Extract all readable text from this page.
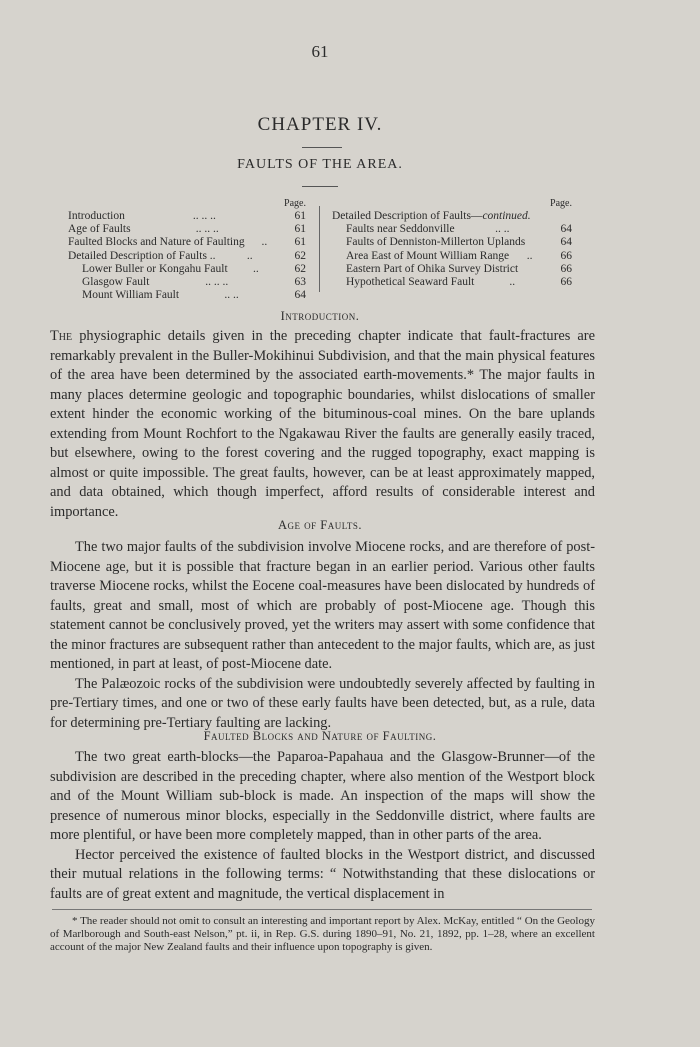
61
CHAPTER IV.
FAULTS OF THE AREA.
Page.
Introduction	.. .. ..	61
Age of Faults	.. .. ..	61
Faulted Blocks and Nature of Faulting ..	61
Detailed Description of Faults ..	..	62
Lower Buller or Kongahu Fault ..	62
Glasgow Fault	.. .. ..	63
Mount William Fault	.. ..	64
Page.
Detailed Description of Faults—continued.
Faults near Seddonville	.. ..	64
Faults of Denniston-Millerton Uplands	64
Area East of Mount William Range ..	66
Eastern Part of Ohika Survey District	66
Hypothetical Seaward Fault	..	66
Introduction.

The physiographic details given in the preceding chapter indicate that fault-fractures are remarkably prevalent in the Buller-Mokihinui Subdivision, and that the main physical features of the area have been determined by the associated earth-movements.* The major faults in many places determine geologic and topographic boundaries, whilst dislocations of smaller extent hinder the economic working of the bituminous-coal mines. On the bare uplands extending from Mount Rochfort to the Ngakawau River the faults are generally easily traced, but elsewhere, owing to the forest covering and the rugged topography, exact mapping is almost or quite impossible. The great faults, however, can be at least approximately mapped, and data obtained, which though imperfect, afford results of considerable interest and importance.

Age of Faults.

The two major faults of the subdivision involve Miocene rocks, and are therefore of post-Miocene age, but it is possible that fracture began in an earlier period. Various other faults traverse Miocene rocks, whilst the Eocene coal-measures have been dislocated by hundreds of faults, great and small, most of which are probably of post-Miocene age. Though this statement cannot be conclusively proved, yet the writers may assert with some confidence that the minor fractures are subsequent rather than antecedent to the major faults, which are, as just mentioned, in part at least, of post-Miocene date.

The Palæozoic rocks of the subdivision were undoubtedly severely affected by faulting in pre-Tertiary times, and one or two of these early faults have been detected, but, as a rule, data for determining pre-Tertiary faulting are lacking.

Faulted Blocks and Nature of Faulting.

The two great earth-blocks—the Paparoa-Papahaua and the Glasgow-Brunner—of the subdivision are described in the preceding chapter, where also mention of the Westport block and of the Mount William sub-block is made. An inspection of the maps will show the presence of numerous minor blocks, especially in the Seddonville district, where faults are more plentiful, or have been more completely mapped, than in other parts of the area.

Hector perceived the existence of faulted blocks in the Westport district, and discussed their mutual relations in the following terms: “ Notwithstanding that these dislocations or faults are of great extent and magnitude, the vertical displacement in

* The reader should not omit to consult an interesting and important report by Alex. McKay, entitled “ On the Geology of Marlborough and South-east Nelson,” pt. ii, in Rep. G.S. during 1890–91, No. 21, 1892, pp. 1–28, where an excellent account of the major New Zealand faults and their influence upon topography is given.
